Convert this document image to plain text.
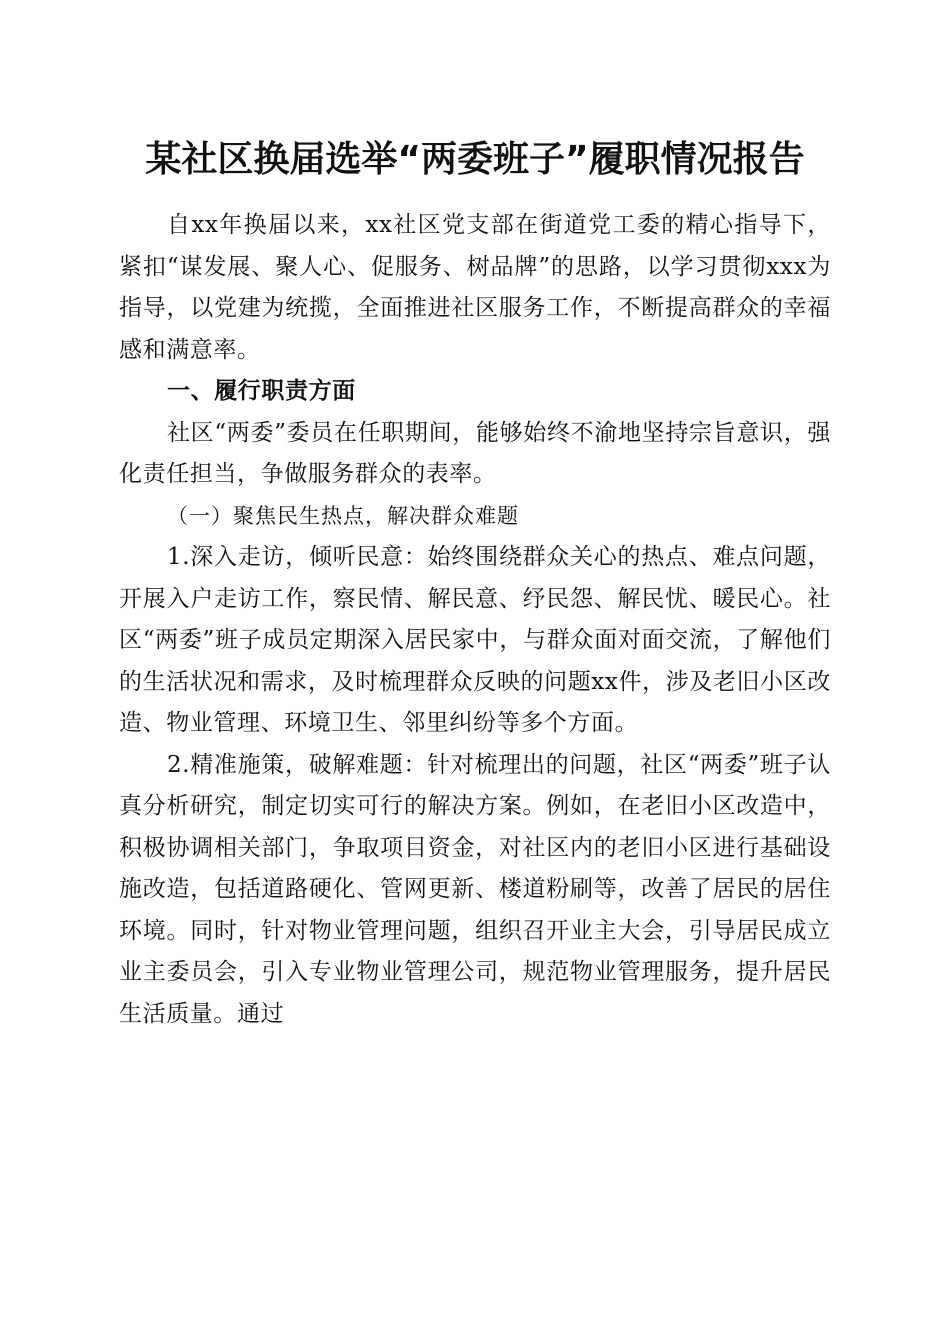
某社区换届选举“两委班子”履职情况报告

自xx年换届以来，xx社区党支部在街道党工委的精心指导下，紧扣“谋发展、聚人心、促服务、树品牌”的思路，以学习贯彻xxx为指导，以党建为统揽，全面推进社区服务工作，不断提高群众的幸福感和满意率。

一、履行职责方面

社区“两委”委员在任职期间，能够始终不渝地坚持宗旨意识，强化责任担当，争做服务群众的表率。

（一）聚焦民生热点，解决群众难题

1.深入走访，倾听民意：始终围绕群众关心的热点、难点问题，开展入户走访工作，察民情、解民意、纾民怨、解民忧、暖民心。社区“两委”班子成员定期深入居民家中，与群众面对面交流，了解他们的生活状况和需求，及时梳理群众反映的问题xx件，涉及老旧小区改造、物业管理、环境卫生、邻里纠纷等多个方面。

2.精准施策，破解难题：针对梳理出的问题，社区“两委”班子认真分析研究，制定切实可行的解决方案。例如，在老旧小区改造中，积极协调相关部门，争取项目资金，对社区内的老旧小区进行基础设施改造，包括道路硬化、管网更新、楼道粉刷等，改善了居民的居住环境。同时，针对物业管理问题，组织召开业主大会，引导居民成立业主委员会，引入专业物业管理公司，规范物业管理服务，提升居民生活质量。通过
